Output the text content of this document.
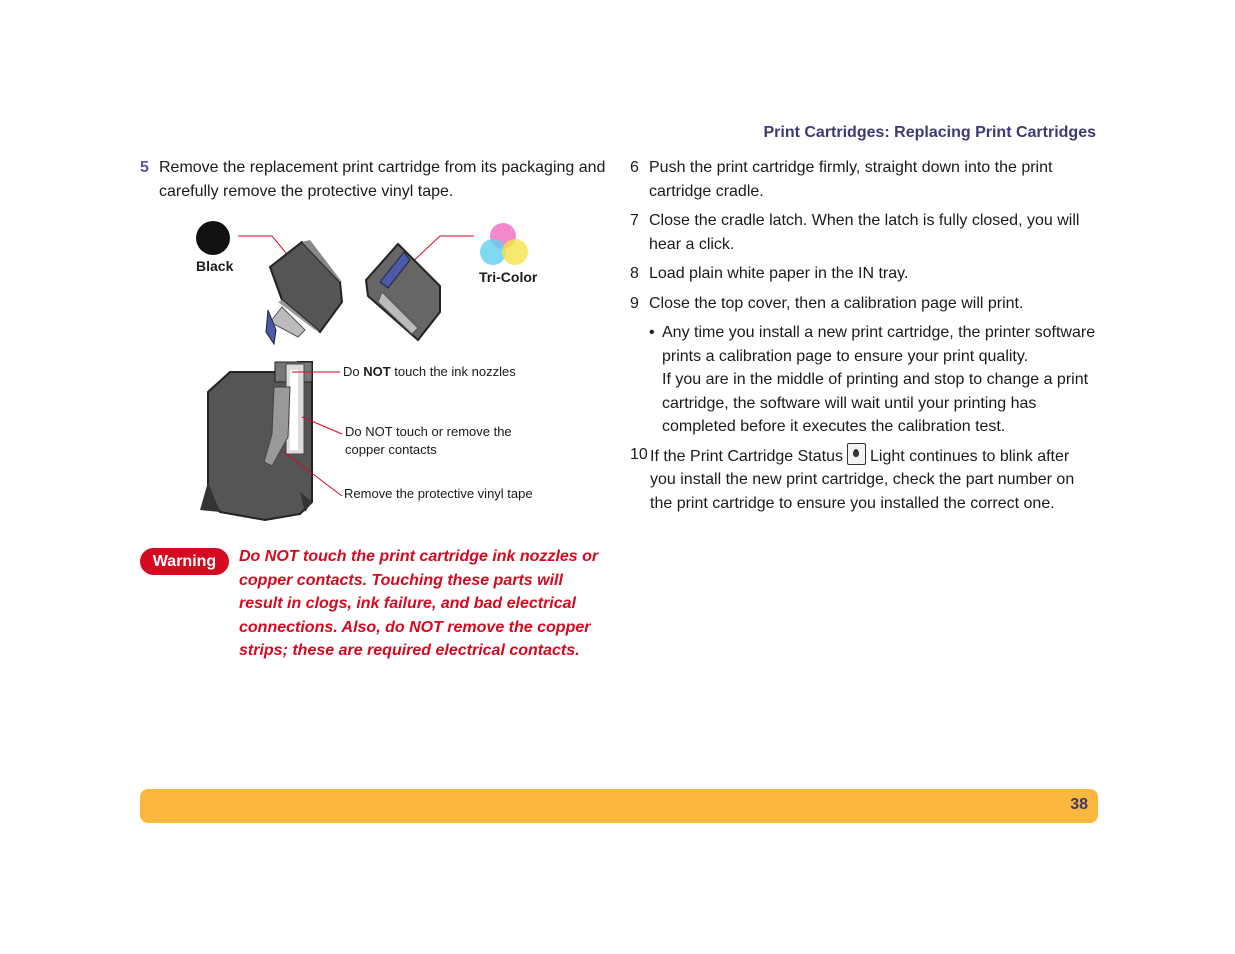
Print Cartridges: Replacing Print Cartridges
5 Remove the replacement print cartridge from its packaging and carefully remove the protective vinyl tape.
Black
Tri-Color
Do NOT touch the ink nozzles
Do NOT touch or remove the
copper contacts
Remove the protective vinyl tape
Warning	Do NOT touch the print cartridge ink nozzles or copper contacts. Touching these parts will result in clogs, ink failure, and bad electrical connections. Also, do NOT remove the copper strips; these are required electrical contacts.
6 Push the print cartridge firmly, straight down into the print cartridge cradle.
7 Close the cradle latch. When the latch is fully closed, you will hear a click.
8 Load plain white paper in the IN tray.
9 Close the top cover, then a calibration page will print.
• Any time you install a new print cartridge, the printer software prints a calibration page to ensure your print quality.
If you are in the middle of printing and stop to change a print cartridge, the software will wait until your printing has completed before it executes the calibration test.
10 If the Print Cartridge Status Light continues to blink after you install the new print cartridge, check the part number on the print cartridge to ensure you installed the correct one.
38
